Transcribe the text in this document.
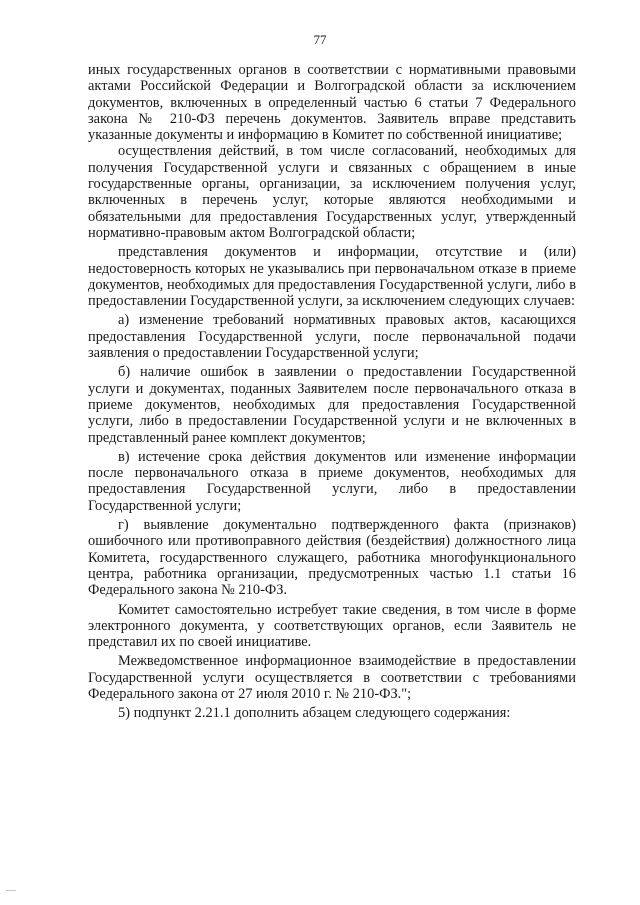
77

иных государственных органов в соответствии с нормативными правовыми актами Российской Федерации и Волгоградской области за исключением документов, включенных в определенный частью 6 статьи 7 Федерального закона № 210-ФЗ перечень документов. Заявитель вправе представить указанные документы и информацию в Комитет по собственной инициативе;

осуществления действий, в том числе согласований, необходимых для получения Государственной услуги и связанных с обращением в иные государственные органы, организации, за исключением получения услуг, включенных в перечень услуг, которые являются необходимыми и обязательными для предоставления Государственных услуг, утвержденный нормативно-правовым актом Волгоградской области;

представления документов и информации, отсутствие и (или) недостоверность которых не указывались при первоначальном отказе в приеме документов, необходимых для предоставления Государственной услуги, либо в предоставлении Государственной услуги, за исключением следующих случаев:

а) изменение требований нормативных правовых актов, касающихся предоставления Государственной услуги, после первоначальной подачи заявления о предоставлении Государственной услуги;

б) наличие ошибок в заявлении о предоставлении Государственной услуги и документах, поданных Заявителем после первоначального отказа в приеме документов, необходимых для предоставления Государственной услуги, либо в предоставлении Государственной услуги и не включенных в представленный ранее комплект документов;

в) истечение срока действия документов или изменение информации после первоначального отказа в приеме документов, необходимых для предоставления Государственной услуги, либо в предоставлении Государственной услуги;

г) выявление документально подтвержденного факта (признаков) ошибочного или противоправного действия (бездействия) должностного лица Комитета, государственного служащего, работника многофункционального центра, работника организации, предусмотренных частью 1.1 статьи 16 Федерального закона № 210-ФЗ.

Комитет самостоятельно истребует такие сведения, в том числе в форме электронного документа, у соответствующих органов, если Заявитель не представил их по своей инициативе.

Межведомственное информационное взаимодействие в предоставлении Государственной услуги осуществляется в соответствии с требованиями Федерального закона от 27 июля 2010 г. № 210-ФЗ.";

5) подпункт 2.21.1 дополнить абзацем следующего содержания:
